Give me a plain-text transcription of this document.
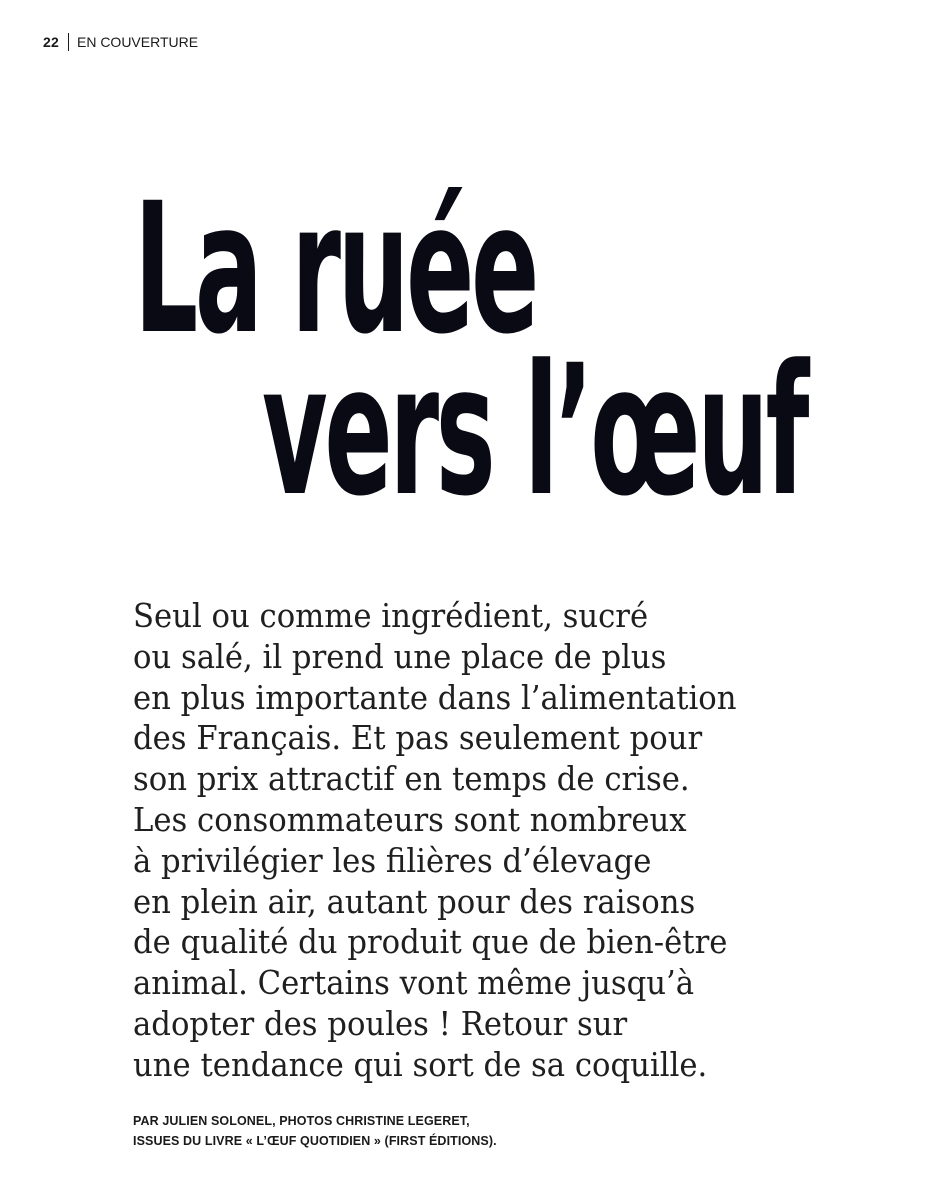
22 EN COUVERTURE
La ruée
vers l’œuf

Seul ou comme ingrédient, sucré
ou salé, il prend une place de plus
en plus importante dans l’alimentation
des Français. Et pas seulement pour
son prix attractif en temps de crise.
Les consommateurs sont nombreux
à privilégier les filières d’élevage
en plein air, autant pour des raisons
de qualité du produit que de bien-être
animal. Certains vont même jusqu’à
adopter des poules ! Retour sur
une tendance qui sort de sa coquille.

PAR JULIEN SOLONEL, PHOTOS CHRISTINE LEGERET,
ISSUES DU LIVRE « L’ŒUF QUOTIDIEN » (FIRST ÉDITIONS).
